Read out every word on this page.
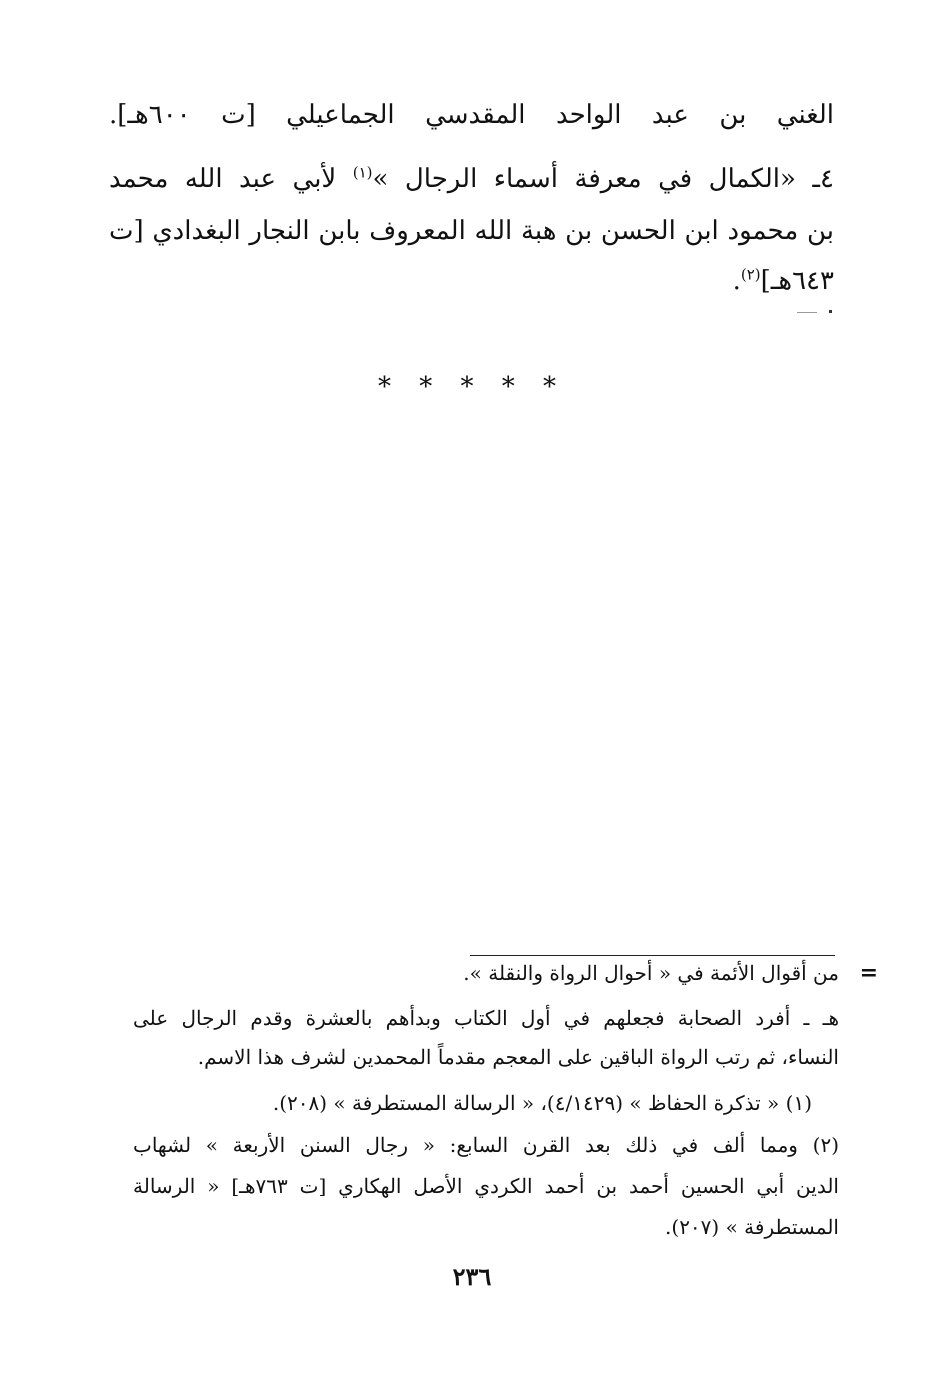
الغني بن عبد الواحد المقدسي الجماعيلي [ت ٦٠٠هـ].
٤ـ «الكمال في معرفة أسماء الرجال »$^{(١)}$ لأبي عبد الله محمد
بن محمود ابن الحسن بن هبة الله المعروف بابن النجار البغدادي [ت
٦٤٣هـ]$^{(٢)}$.
* * * * *
=
من أقوال الأئمة في « أحوال الرواة والنقلة ».
هـ ـ أفرد الصحابة فجعلهم في أول الكتاب وبدأهم بالعشرة وقدم الرجال على
النساء، ثم رتب الرواة الباقين على المعجم مقدماً المحمدين لشرف هذا الاسم.
(١) « تذكرة الحفاظ » (٤/١٤٢٩)، « الرسالة المستطرفة » (٢٠٨).
(٢) ومما ألف في ذلك بعد القرن السابع: « رجال السنن الأربعة » لشهاب
الدين أبي الحسين أحمد بن أحمد الكردي الأصل الهكاري [ت ٧٦٣هـ] « الرسالة
المستطرفة » (٢٠٧).
٢٣٦
